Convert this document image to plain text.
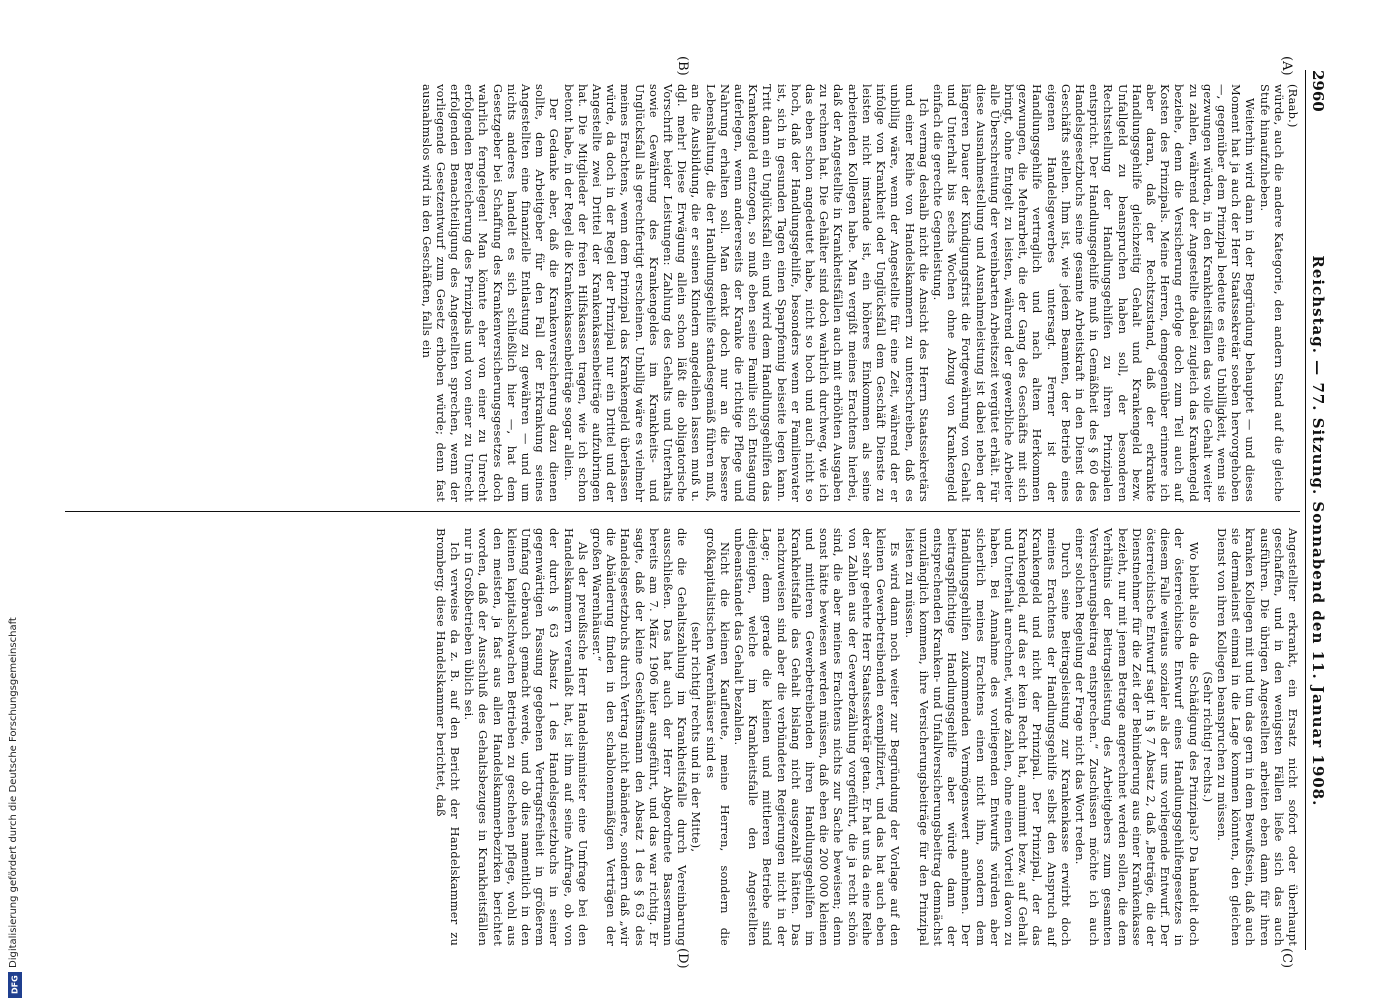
DFG
Digitalisierung gefördert durch die Deutsche Forschungsgemeinschaft
2960
Reichstag. — 77. Sitzung. Sonnabend den 11. Januar 1908.
(A)
(B)
(C)
(D)

(Raab.)

würde, auch die andere Kategorie, den andern Stand auf die gleiche Stufe hinaufzuheben.

Weiterhin wird dann in der Begründung behauptet — und dieses Moment hat ja auch der Herr Staatssekretär soeben hervorgehoben —, gegenüber dem Prinzipal bedeute es eine Unbilligkeit, wenn sie gezwungen würden, in den Krankheitsfällen das volle Gehalt weiter zu zahlen, während der Angestellte dabei zugleich das Krankengeld beziehe, denn die Versicherung erfolge doch zum Teil auch auf Kosten des Prinzipals. Meine Herren, demgegenüber erinnere ich aber daran, daß der Rechtszustand, daß der erkrankte Handlungsgehilfe gleichzeitig Gehalt und Krankengeld bezw. Unfallgeld zu beanspruchen haben soll, der besonderen Rechtsstellung der Handlungsgehilfen zu ihren Prinzipalen entspricht. Der Handlungsgehilfe muß in Gemäßheit des § 60 des Handelsgesetzbuchs seine gesamte Arbeitskraft in den Dienst des Geschäfts stellen. Ihm ist, wie jedem Beamten, der Betrieb eines eigenen Handelsgewerbes untersagt. Ferner ist der Handlungsgehilfe vertraglich und nach altem Herkommen gezwungen, die Mehrarbeit, die der Gang des Geschäfts mit sich bringt, ohne Entgelt zu leisten, während der gewerbliche Arbeiter alle Überschreitung der vereinbarten Arbeitszeit vergütet erhält. Für diese Ausnahmestellung und Ausnahmeleistung ist dabei neben der längeren Dauer der Kündigungsfrist die Fortgewährung von Gehalt und Unterhalt bis sechs Wochen ohne Abzug von Krankengeld einfach die gerechte Gegenleistung.

Ich vermag deshalb nicht die Ansicht des Herrn Staatssekretärs und einer Reihe von Handelskammern zu unterschreiben, daß es unbillig wäre, wenn der Angestellte für eine Zeit, während der er infolge von Krankheit oder Unglücksfall dem Geschäft Dienste zu leisten nicht imstande ist, ein höheres Einkommen als seine arbeitenden Kollegen habe. Man vergißt meines Erachtens hierbei, daß der Angestellte in Krankheitsfällen auch mit erhöhten Ausgaben zu rechnen hat. Die Gehälter sind doch wahrlich durchweg, wie ich das eben schon angedeutet habe, nicht so hoch und auch nicht so hoch, daß der Handlungsgehilfe, besonders wenn er Familienvater ist, sich in gesunden Tagen einen Sparpfennig beiseite legen kann. Tritt dann ein Unglücksfall ein und wird dem Handlungsgehilfen das Krankengeld entzogen, so muß eben seine Familie sich Entsagung auferlegen, wenn andererseits der Kranke die richtige Pflege und Nahrung erhalten soll. Man denkt doch nur an die bessere Lebenshaltung, die der Handlungsgehilfe standesgemäß führen muß, an die Ausbildung, die er seinen Kindern angedeihen lassen muß u. dgl. mehr! Diese Erwägung allein schon läßt die obligatorische Vorschrift beider Leistungen: Zahlung des Gehalts und Unterhalts sowie Gewährung des Krankengeldes im Krankheits- und Unglücksfall als gerechtfertigt erscheinen. Unbillig wäre es vielmehr meines Erachtens, wenn dem Prinzipal das Krankengeld überlassen würde, da doch in der Regel der Prinzipal nur ein Drittel und der Angestellte zwei Drittel der Krankenkassenbeiträge aufzubringen hat. Die Mitglieder der freien Hilfskassen tragen, wie ich schon betont habe, in der Regel die Krankenkassenbeiträge sogar allein.

Der Gedanke aber, daß die Krankenversicherung dazu dienen sollte, dem Arbeitgeber für den Fall der Erkrankung seines Angestellten eine finanzielle Entlastung zu gewähren — und um nichts anderes handelt es sich schließlich hier —, hat dem Gesetzgeber bei Schaffung des Krankenversicherungsgesetzes doch wahrlich ferngelegen! Man könnte eher von einer zu Unrecht erfolgenden Bereicherung des Prinzipals und von einer zu Unrecht erfolgenden Benachteiligung des Angestellten sprechen, wenn der vorliegende Gesetzentwurf zum Gesetz erhoben würde; denn fast ausnahmslos wird in den Geschäften, falls ein

Angestellter erkrankt, ein Ersatz nicht sofort oder überhaupt geschaffen, und in den wenigsten Fällen ließe sich das auch ausführen. Die übrigen Angestellten arbeiten eben dann für ihren kranken Kollegen mit und tun das gern in dem Bewußtsein, daß auch sie dermaleinst einmal in die Lage kommen könnten, den gleichen Dienst von ihren Kollegen beanspruchen zu müssen.

(Sehr richtig! rechts.)

Wo bleibt also da die Schädigung des Prinzipals? Da handelt doch der österreichische Entwurf eines Handlungsgehilfengesetzes in diesem Falle weitaus sozialer als der uns vorliegende Entwurf. Der österreichische Entwurf sagt in § 7 Absatz 2, daß „Beträge, die der Dienstnehmer für die Zeit der Behinderung aus einer Krankenkasse bezieht, nur mit jenem Betrage angerechnet werden sollen, die dem Verhältnis der Beitragsleistung des Arbeitgebers zum gesamten Versicherungsbeitrag entsprechen.“ Zuschüssen möchte ich auch einer solchen Regelung der Frage nicht das Wort reden.

Durch seine Beitragsleistung zur Krankenkasse erwirbt doch meines Erachtens der Handlungsgehilfe selbst den Anspruch auf Krankengeld und nicht der Prinzipal. Der Prinzipal, der das Krankengeld, auf das er kein Recht hat, annimmt bezw. auf Gehalt und Unterhalt anrechnet, würde zahlen, ohne einen Vorteil davon zu haben. Bei Annahme des vorliegenden Entwurfs würden aber sicherlich meines Erachtens einen nicht ihm, sondern dem Handlungsgehilfen zukommenden Vermögenswert annehmen. Der beitragspflichtige Handlungsgehilfe aber würde dann der entsprechenden Kranken- und Unfallversicherungsbeitrag demnächst unzulänglich kommen, ihre Versicherungsbeiträge für den Prinzipal leisten zu müssen.

Es wird dann noch weiter zur Begründung der Vorlage auf den kleinen Gewerbetreibenden exemplifiziert, und das hat auch eben der sehr geehrte Herr Staatssekretär getan. Er hat uns da eine Reihe von Zahlen aus der Gewerbezählung vorgeführt, die ja recht schön sind, die aber meines Erachtens nichts zur Sache beweisen; denn sonst hätte bewiesen werden müssen, daß eben die 200 000 kleinen und mittleren Gewerbetreibenden ihren Handlungsgehilfen im Krankheitsfalle das Gehalt bislang nicht ausgezahlt hätten. Das nachzuweisen sind aber die verbündeten Regierungen nicht in der Lage; denn gerade die kleinen und mittleren Betriebe sind diejenigen, welche im Krankheitsfalle den Angestellten unbeanstandet das Gehalt bezahlen.

Nicht die kleinen Kaufleute, meine Herren, sondern die großkapitalistischen Warenhäuser sind es

(sehr richtig! rechts und in der Mitte),

die die Gehaltszahlung im Krankheitsfalle durch Vereinbarung ausschließen. Das hat auch der Herr Abgeordnete Bassermann bereits am 7. März 1906 hier ausgeführt, und das war richtig. Er sagte, daß der kleine Geschäftsmann den Absatz 1 des § 63 des Handelsgesetzbuchs durch Vertrag nicht abändere, sondern daß „wir die Abänderung finden in den schablonenmäßigen Verträgen der großen Warenhäuser.“

Als der preußische Herr Handelsminister eine Umfrage bei den Handelskammern veranlaßt hat, ist ihm auf seine Anfrage, ob von der durch § 63 Absatz 1 des Handelsgesetzbuchs in seiner gegenwärtigen Fassung gegebenen Vertragsfreiheit in größerem Umfang Gebrauch gemacht werde, und ob dies namentlich in den kleinen kapitalschwachen Betrieben zu geschehen pflege, wohl aus den meisten, ja fast aus allen Handelskammerbezirken berichtet worden, daß der Ausschluß des Gehaltsbezuges in Krankheitsfällen nur in Großbetrieben üblich sei.

Ich verweise da z. B. auf den Bericht der Handelskammer zu Bromberg; diese Handelskammer berichtet, daß
